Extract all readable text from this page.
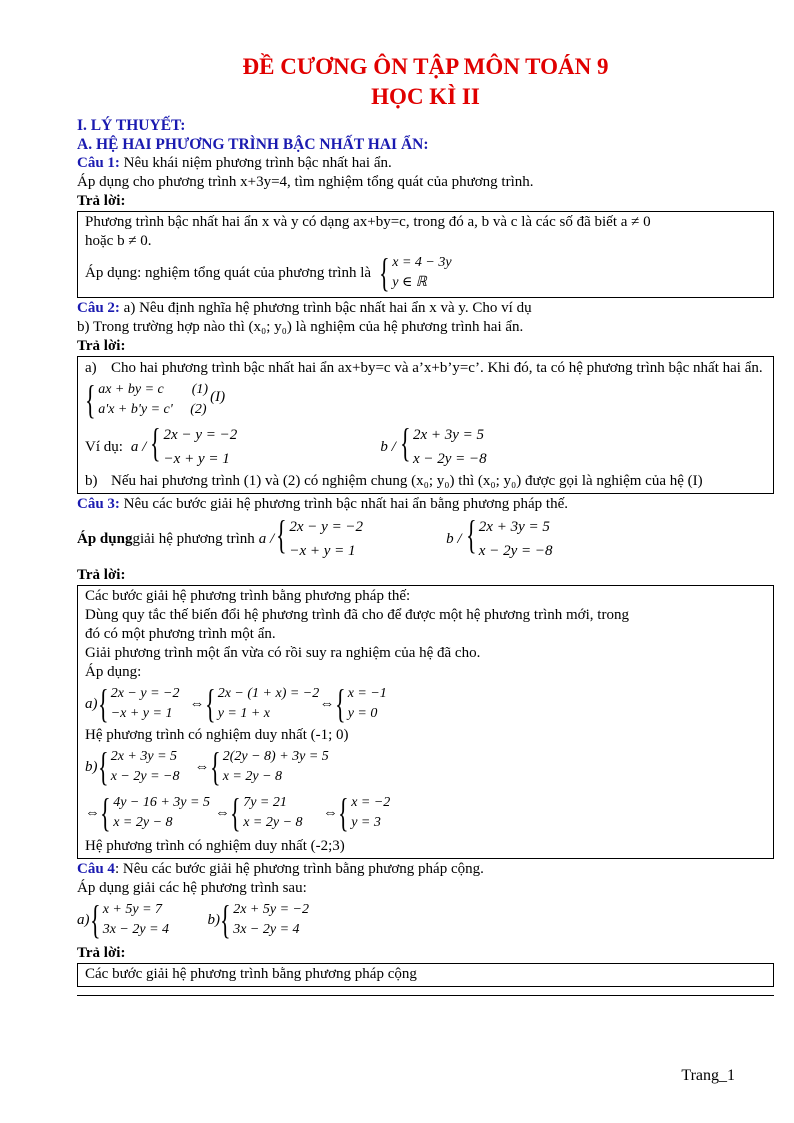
ĐỀ CƯƠNG ÔN TẬP MÔN TOÁN 9
HỌC KÌ II
I. LÝ THUYẾT:
A. HỆ HAI PHƯƠNG TRÌNH BẬC NHẤT HAI ẨN:
Câu 1: Nêu khái niệm phương trình bậc nhất hai ẩn.
Áp dụng cho phương trình x+3y=4, tìm nghiệm tổng quát của phương trình.
Trả lời:
Phương trình bậc nhất hai ẩn x và y có dạng ax+by=c, trong đó a, b và c là các số đã biết a ≠ 0
hoặc b ≠ 0.
Áp dụng: nghiệm tổng quát của phương trình là { x = 4 − 3y
y ∈ ℝ
Câu 2: a) Nêu định nghĩa hệ phương trình bậc nhất hai ẩn x và y. Cho ví dụ
b) Trong trường hợp nào thì (x₀; y₀) là nghiệm của hệ phương trình hai ẩn.
Trả lời:
a) Cho hai phương trình bậc nhất hai ẩn ax+by=c và a’x+b’y=c’. Khi đó, ta có hệ phương trình bậc nhất hai ẩn.
{ ax + by = c        (1)
a'x + b'y = c'     (2)
(I)
Ví dụ: a / { 2x − y = −2
−x + y = 1
b / { 2x + 3y = 5
x − 2y = −8
b) Nếu hai phương trình (1) và (2) có nghiệm chung (x₀; y₀) thì (x₀; y₀) được gọi là nghiệm của hệ (I)
Câu 3: Nêu các bước giải hệ phương trình bậc nhất hai ẩn bằng phương pháp thế.
Áp dụng giải hệ phương trình a / { 2x − y = −2
−x + y = 1
b / { 2x + 3y = 5
x − 2y = −8
Trả lời:
Các bước giải hệ phương trình bằng phương pháp thế:
Dùng quy tắc thế biến đổi hệ phương trình đã cho để được một hệ phương trình mới, trong
đó có một phương trình một ẩn.
Giải phương trình một ẩn vừa có rồi suy ra nghiệm của hệ đã cho.
Áp dụng:
a) { 2x − y = −2
−x + y = 1
⇔ { 2x − (1 + x) = −2
y = 1 + x
⇔ { x = −1
y = 0
Hệ phương trình có nghiệm duy nhất (-1; 0)
b) { 2x + 3y = 5
x − 2y = −8
⇔ { 2(2y − 8) + 3y = 5
x = 2y − 8
⇔ { 4y − 16 + 3y = 5
x = 2y − 8
⇔ { 7y = 21
x = 2y − 8
⇔ { x = −2
y = 3
Hệ phương trình có nghiệm duy nhất (-2;3)
Câu 4: Nêu các bước giải hệ phương trình bằng phương pháp cộng.
Áp dụng giải các hệ phương trình sau:
a) { x + 5y = 7
3x − 2y = 4
b) { 2x + 5y = −2
3x − 2y = 4
Trả lời:
Các bước giải hệ phương trình bằng phương pháp cộng
Trang_1
